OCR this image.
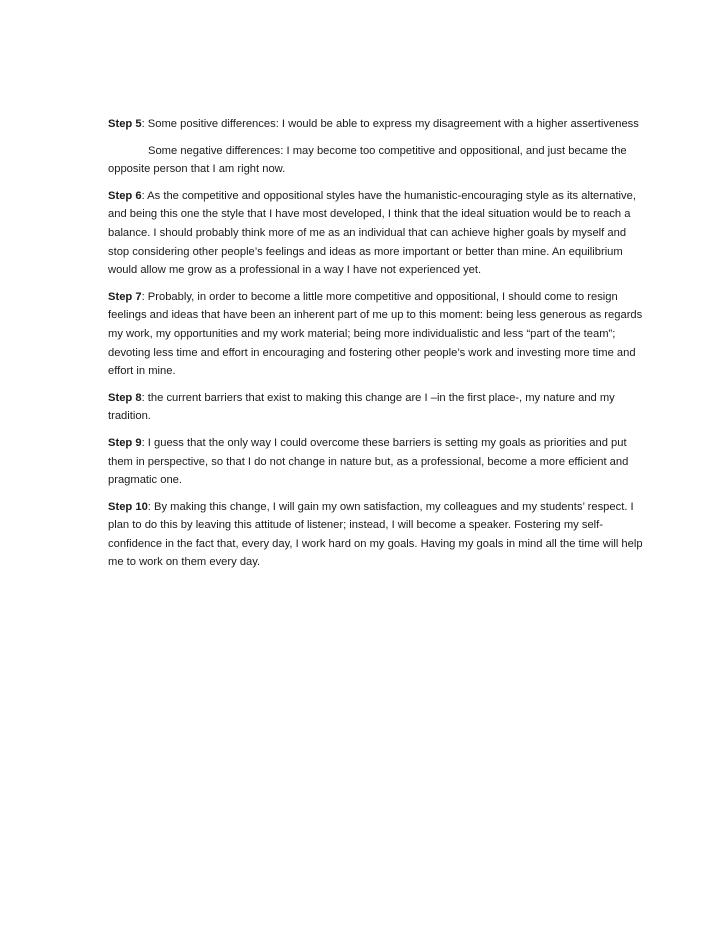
Step 5: Some positive differences: I would be able to express my disagreement with a higher assertiveness

Some negative differences: I may become too competitive and oppositional, and just became the opposite person that I am right now.

Step 6: As the competitive and oppositional styles have the humanistic-encouraging style as its alternative, and being this one the style that I have most developed, I think that the ideal situation would be to reach a balance. I should probably think more of me as an individual that can achieve higher goals by myself and stop considering other people’s feelings and ideas as more important or better than mine. An equilibrium would allow me grow as a professional in a way I have not experienced yet.

Step 7: Probably, in order to become a little more competitive and oppositional, I should come to resign feelings and ideas that have been an inherent part of me up to this moment: being less generous as regards my work, my opportunities and my work material; being more individualistic and less “part of the team”; devoting less time and effort in encouraging and fostering other people’s work and investing more time and effort in mine.

Step 8: the current barriers that exist to making this change are I –in the first place-, my nature and my tradition.

Step 9: I guess that the only way I could overcome these barriers is setting my goals as priorities and put them in perspective, so that I do not change in nature but, as a professional, become a more efficient and pragmatic one.

Step 10: By making this change, I will gain my own satisfaction, my colleagues and my students’ respect. I plan to do this by leaving this attitude of listener; instead, I will become a speaker. Fostering my self-confidence in the fact that, every day, I work hard on my goals. Having my goals in mind all the time will help me to work on them every day.
